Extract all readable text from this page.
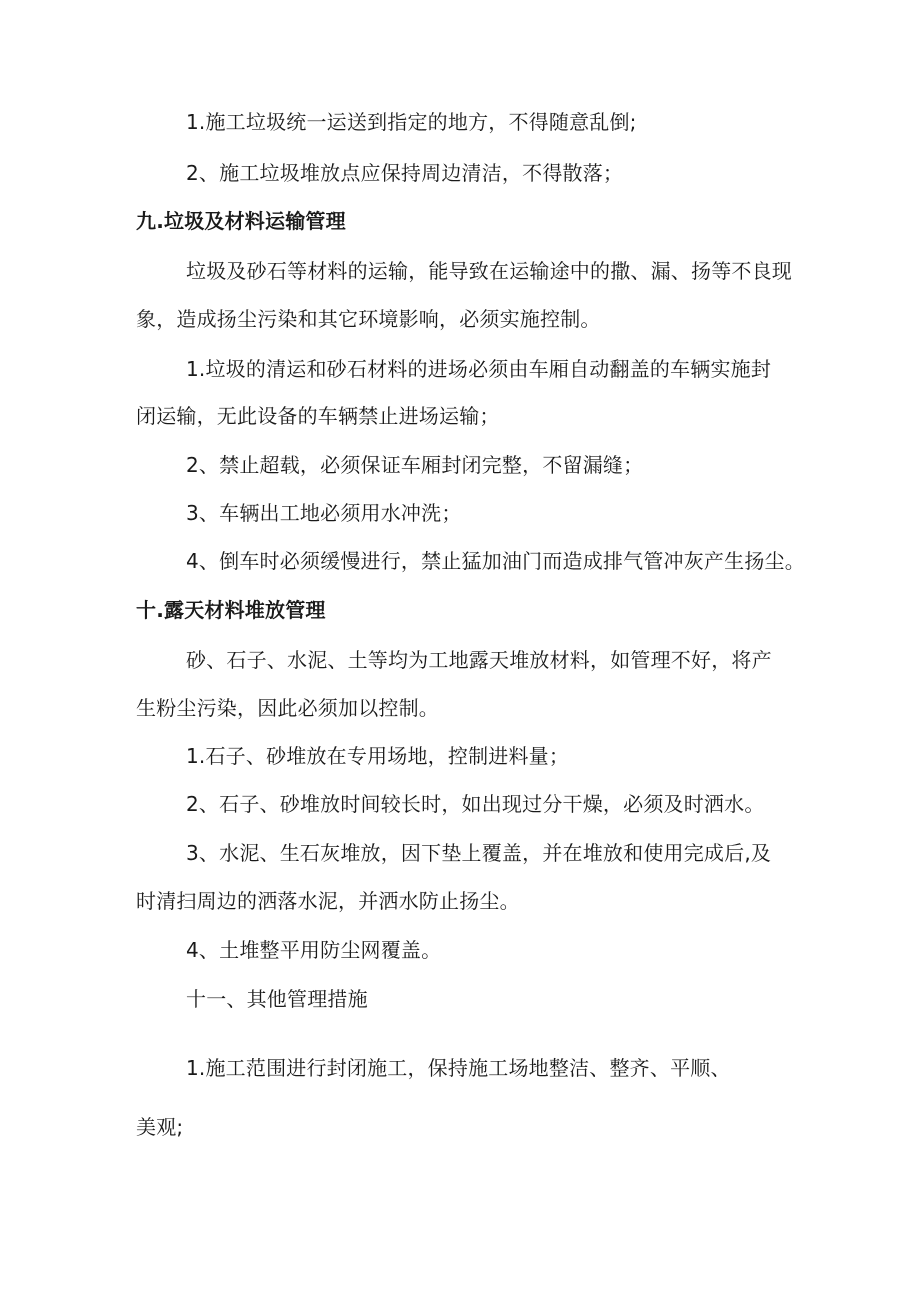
1.施工垃圾统一运送到指定的地方，不得随意乱倒;
2、施工垃圾堆放点应保持周边清洁，不得散落；
九.垃圾及材料运输管理
垃圾及砂石等材料的运输，能导致在运输途中的撒、漏、扬等不良现
象，造成扬尘污染和其它环境影响，必须实施控制。
1.垃圾的清运和砂石材料的进场必须由车厢自动翻盖的车辆实施封
闭运输，无此设备的车辆禁止进场运输；
2、禁止超载，必须保证车厢封闭完整，不留漏缝；
3、车辆出工地必须用水冲洗；
4、倒车时必须缓慢进行，禁止猛加油门而造成排气管冲灰产生扬尘。
十.露天材料堆放管理
砂、石子、水泥、土等均为工地露天堆放材料，如管理不好，将产
生粉尘污染，因此必须加以控制。
1.石子、砂堆放在专用场地，控制进料量；
2、石子、砂堆放时间较长时，如出现过分干燥，必须及时洒水。
3、水泥、生石灰堆放，因下垫上覆盖，并在堆放和使用完成后,及
时清扫周边的洒落水泥，并洒水防止扬尘。
4、土堆整平用防尘网覆盖。
十一、其他管理措施
1.施工范围进行封闭施工，保持施工场地整洁、整齐、平顺、
美观;
